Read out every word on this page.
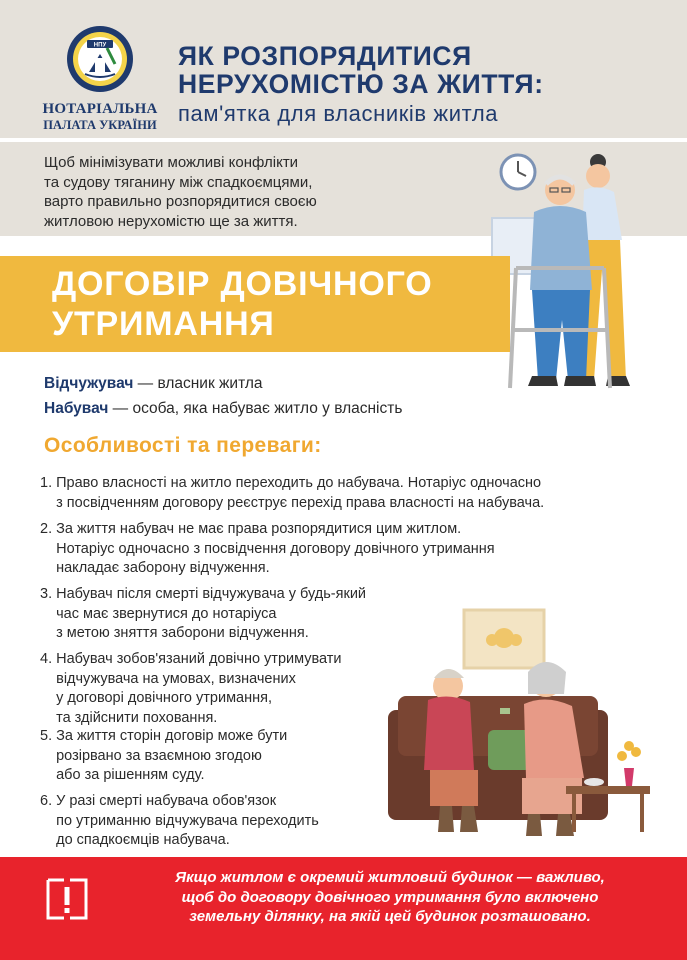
НПУ
НОТАРІАЛЬНА
ПАЛАТА УКРАЇНИ
ЯК РОЗПОРЯДИТИСЯ
НЕРУХОМІСТЮ ЗА ЖИТТЯ:
пам'ятка для власників житла
Щоб мінімізувати можливі конфлікти
та судову тяганину між спадкоємцями,
варто правильно розпорядитися своєю
житловою нерухомістю ще за життя.
ДОГОВІР ДОВІЧНОГО
УТРИМАННЯ
Відчужувач — власник житла
Набувач — особа, яка набуває житло у власність
Особливості та переваги:
1. Право власності на житло переходить до набувача. Нотаріус одночасно
з посвідченням договору реєструє перехід права власності на набувача.
2. За життя набувач не має права розпорядитися цим житлом.
Нотаріус одночасно з посвідчення договору довічного утримання
накладає заборону відчуження.
3. Набувач після смерті відчужувача у будь-який
час має звернутися до нотаріуса
з метою зняття заборони відчуження.
4. Набувач зобов'язаний довічно утримувати
відчужувача на умовах, визначених
у договорі довічного утримання,
та здійснити поховання.
5. За життя сторін договір може бути
розірвано за взаємною згодою
або за рішенням суду.
6. У разі смерті набувача обов'язок
по утриманню відчужувача переходить
до спадкоємців набувача.
Якщо житлом є окремий житловий будинок — важливо,
щоб до договору довічного утримання було включено
земельну ділянку, на якій цей будинок розташовано.
